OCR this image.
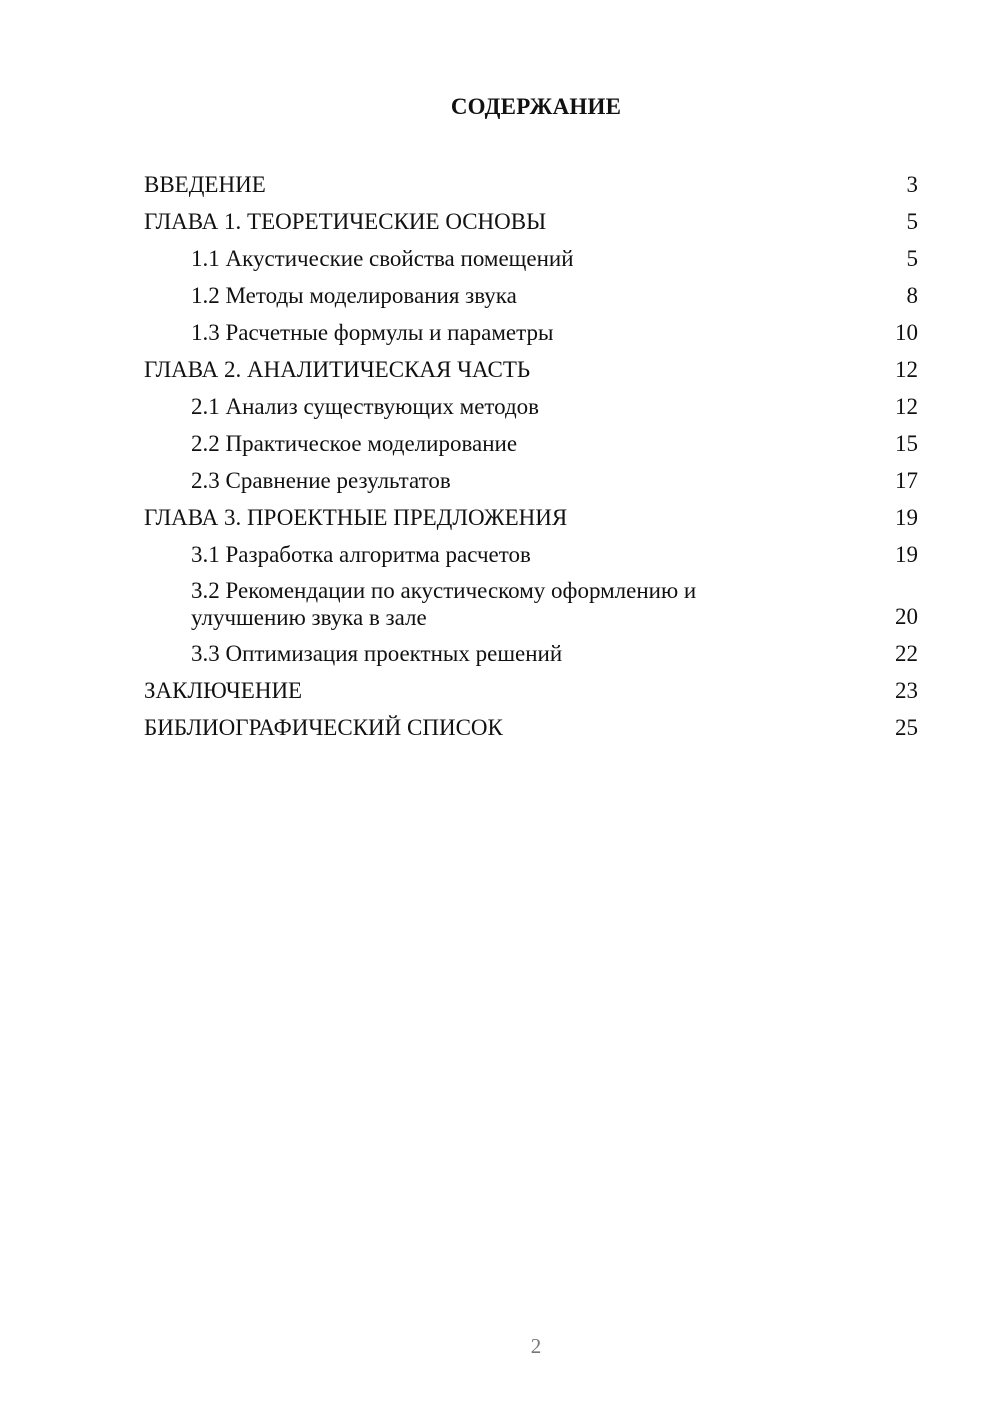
СОДЕРЖАНИЕ
ВВЕДЕНИЕ	3
ГЛАВА 1. ТЕОРЕТИЧЕСКИЕ ОСНОВЫ	5
1.1 Акустические свойства помещений	5
1.2 Методы моделирования звука	8
1.3 Расчетные формулы и параметры	10
ГЛАВА 2. АНАЛИТИЧЕСКАЯ ЧАСТЬ	12
2.1 Анализ существующих методов	12
2.2 Практическое моделирование	15
2.3 Сравнение результатов	17
ГЛАВА 3. ПРОЕКТНЫЕ ПРЕДЛОЖЕНИЯ	19
3.1 Разработка алгоритма расчетов	19
3.2 Рекомендации по акустическому оформлению и улучшению звука в зале	20
3.3 Оптимизация проектных решений	22
ЗАКЛЮЧЕНИЕ	23
БИБЛИОГРАФИЧЕСКИЙ СПИСОК	25
2
